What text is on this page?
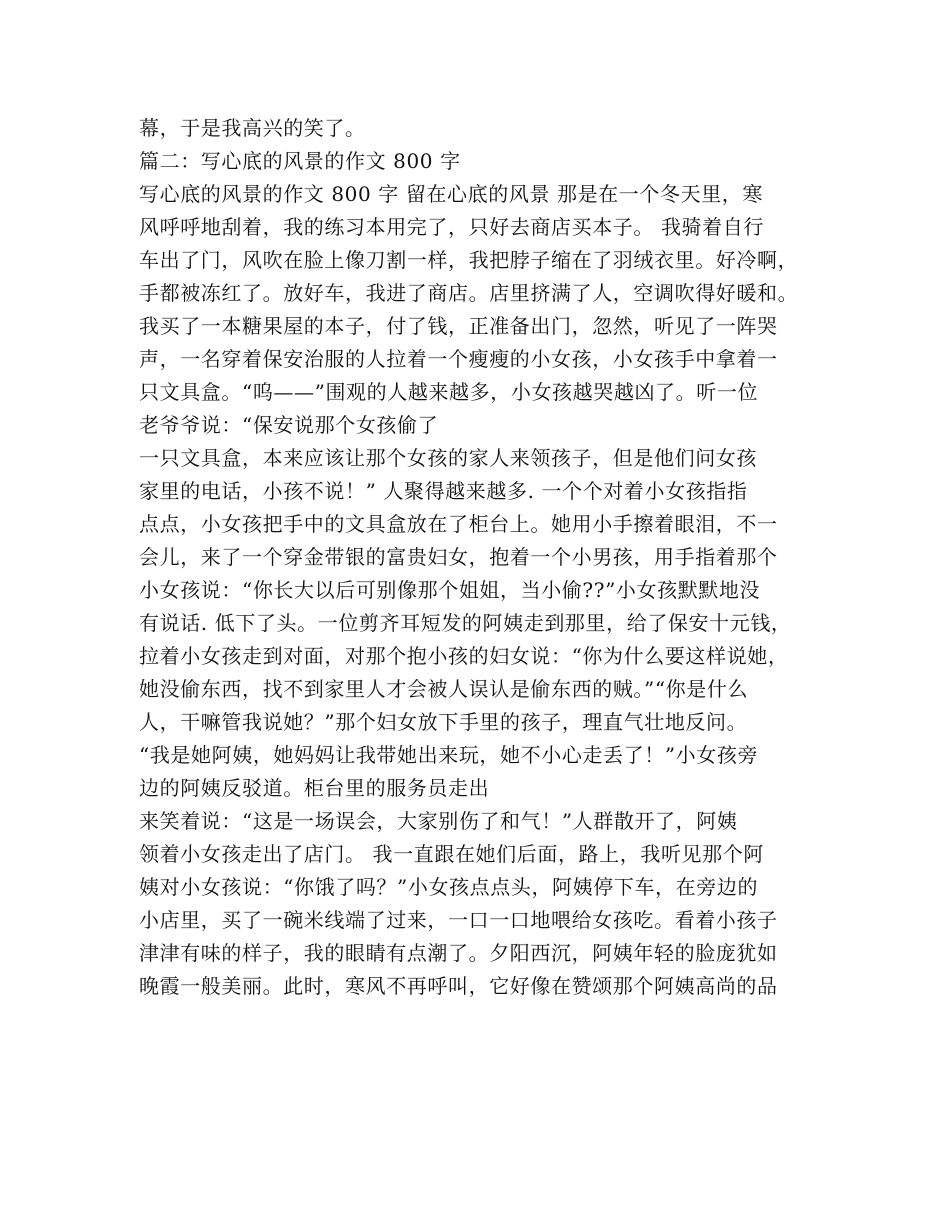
幕，于是我高兴的笑了。
篇二：写心底的风景的作文 800 字
写心底的风景的作文 800 字 留在心底的风景 那是在一个冬天里，寒
风呼呼地刮着，我的练习本用完了，只好去商店买本子。 我骑着自行
车出了门，风吹在脸上像刀割一样，我把脖子缩在了羽绒衣里。好冷啊，
手都被冻红了。放好车，我进了商店。店里挤满了人，空调吹得好暖和。
我买了一本糖果屋的本子，付了钱，正准备出门，忽然，听见了一阵哭
声，一名穿着保安治服的人拉着一个瘦瘦的小女孩，小女孩手中拿着一
只文具盒。“呜——”围观的人越来越多，小女孩越哭越凶了。听一位
老爷爷说：“保安说那个女孩偷了
一只文具盒，本来应该让那个女孩的家人来领孩子，但是他们问女孩
家里的电话，小孩不说！” 人聚得越来越多. 一个个对着小女孩指指
点点，小女孩把手中的文具盒放在了柜台上。她用小手擦着眼泪，不一
会儿，来了一个穿金带银的富贵妇女，抱着一个小男孩，用手指着那个
小女孩说：“你长大以后可别像那个姐姐，当小偷??”小女孩默默地没
有说话. 低下了头。一位剪齐耳短发的阿姨走到那里，给了保安十元钱，
拉着小女孩走到对面，对那个抱小孩的妇女说：“你为什么要这样说她，
她没偷东西，找不到家里人才会被人误认是偷东西的贼。”“你是什么
人，干嘛管我说她？”那个妇女放下手里的孩子，理直气壮地反问。
“我是她阿姨，她妈妈让我带她出来玩，她不小心走丢了！”小女孩旁
边的阿姨反驳道。柜台里的服务员走出
来笑着说：“这是一场误会，大家别伤了和气！”人群散开了，阿姨
领着小女孩走出了店门。 我一直跟在她们后面，路上，我听见那个阿
姨对小女孩说：“你饿了吗？”小女孩点点头，阿姨停下车，在旁边的
小店里，买了一碗米线端了过来，一口一口地喂给女孩吃。看着小孩子
津津有味的样子，我的眼睛有点潮了。夕阳西沉，阿姨年轻的脸庞犹如
晚霞一般美丽。此时，寒风不再呼叫，它好像在赞颂那个阿姨高尚的品
